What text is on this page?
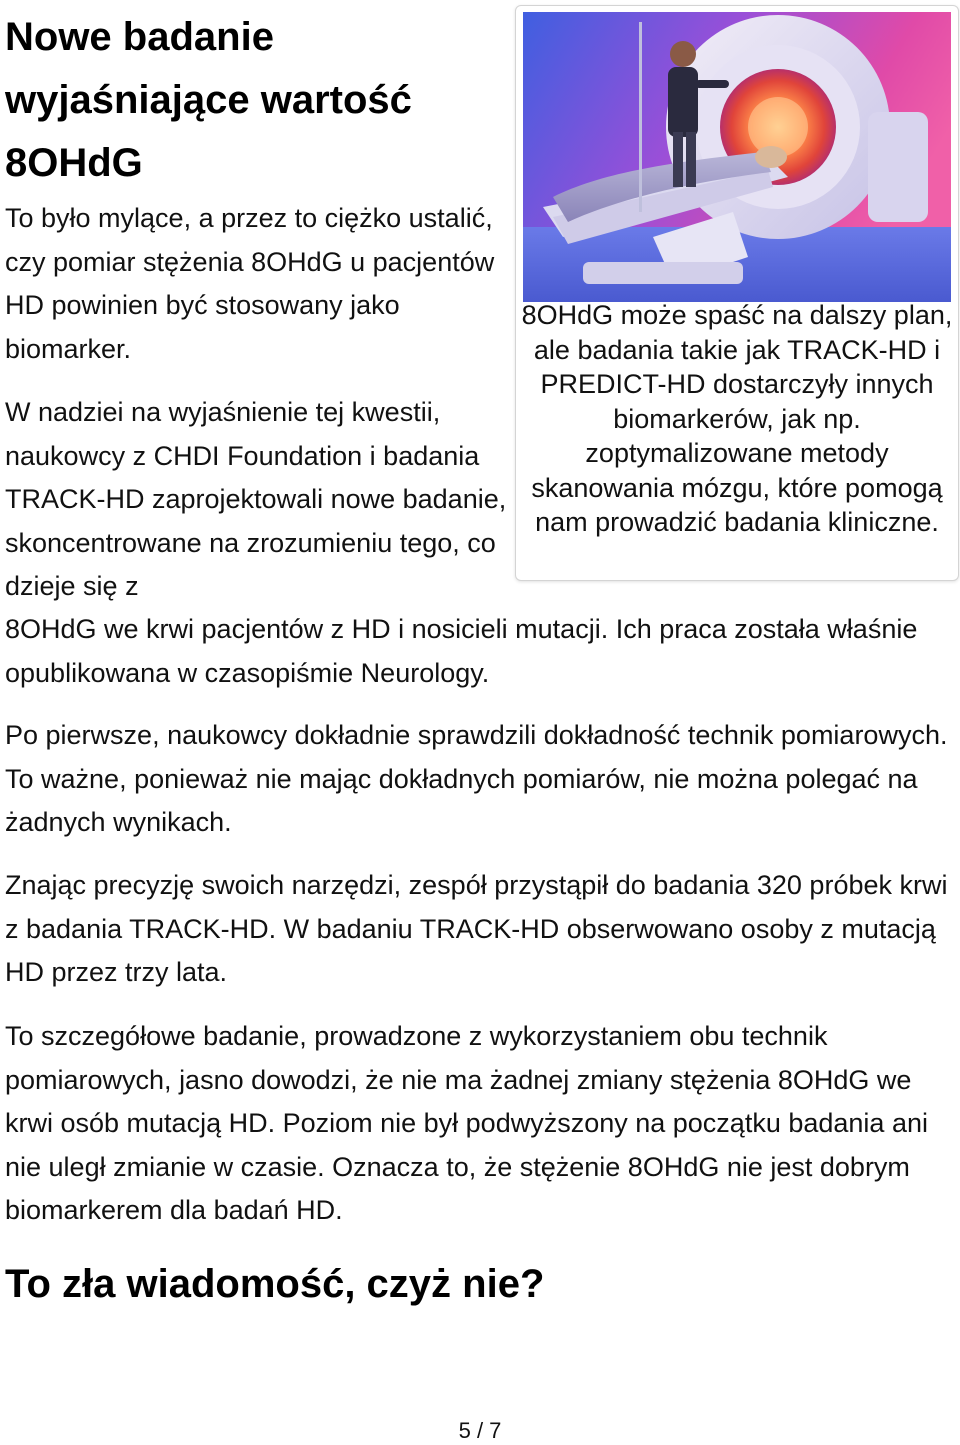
Nowe badanie wyjaśniające wartość 8OHdG

To było mylące, a przez to ciężko ustalić, czy pomiar stężenia 8OHdG u pacjentów HD powinien być stosowany jako biomarker.

W nadziei na wyjaśnienie tej kwestii, naukowcy z CHDI Foundation i badania TRACK-HD zaprojektowali nowe badanie, skoncentrowane na zrozumieniu tego, co dzieje się z

8OHdG we krwi pacjentów z HD i nosicieli mutacji. Ich praca została właśnie opublikowana w czasopiśmie Neurology.

8OHdG może spaść na dalszy plan, ale badania takie jak TRACK-HD i PREDICT-HD dostarczyły innych biomarkerów, jak np. zoptymalizowane metody skanowania mózgu, które pomogą nam prowadzić badania kliniczne.

Po pierwsze, naukowcy dokładnie sprawdzili dokładność technik pomiarowych. To ważne, ponieważ nie mając dokładnych pomiarów, nie można polegać na żadnych wynikach.

Znając precyzję swoich narzędzi, zespół przystąpił do badania 320 próbek krwi z badania TRACK-HD. W badaniu TRACK-HD obserwowano osoby z mutacją HD przez trzy lata.

To szczegółowe badanie, prowadzone z wykorzystaniem obu technik pomiarowych, jasno dowodzi, że nie ma żadnej zmiany stężenia 8OHdG we krwi osób mutacją HD. Poziom nie był podwyższony na początku badania ani nie uległ zmianie w czasie. Oznacza to, że stężenie 8OHdG nie jest dobrym biomarkerem dla badań HD.

To zła wiadomość, czyż nie?
5 / 7
